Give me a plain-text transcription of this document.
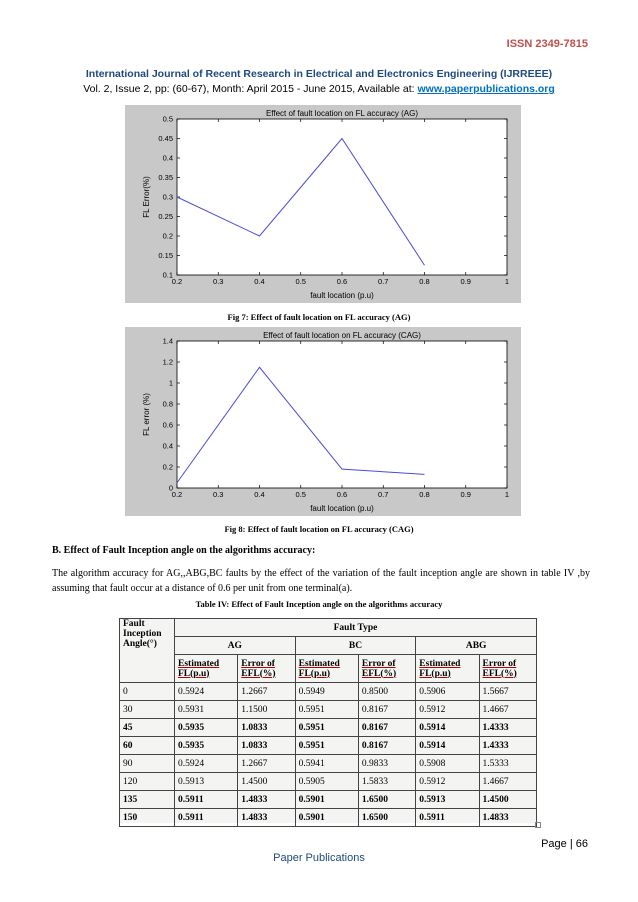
ISSN 2349-7815
International Journal of Recent Research in Electrical and Electronics Engineering (IJRREEE)
Vol. 2, Issue 2, pp: (60-67), Month: April 2015 - June 2015, Available at: www.paperpublications.org
Effect of fault location on FL accuracy (AG)
0.2	0.3	0.4	0.5	0.6	0.7	0.8	0.9	1
0.1
0.15
0.2
0.25
0.3
0.35
0.4
0.45
0.5
fault location (p.u)
FL Error(%)
Fig 7: Effect of fault location on FL accuracy (AG)
Effect of fault location on FL accuracy (CAG)
0.2	0.3	0.4	0.5	0.6	0.7	0.8	0.9	1
0
0.2
0.4
0.6
0.8
1
1.2
1.4
fault location (p.u)
FL error (%)
Fig 8: Effect of fault location on FL accuracy (CAG)
B. Effect of Fault Inception angle on the algorithms accuracy:
The algorithm accuracy for AG,,ABG,BC faults by the effect of the variation of the fault inception angle are shown in table IV ,by assuming that fault occur at a distance of 0.6 per unit from one terminal(a).
Table IV: Effect of Fault Inception angle on the algorithms accuracy
Fault Inception Angle(°)	Fault Type					
	AG		BC		ABG	
	Estimated FL(p.u)	Error of EFL(%)	Estimated FL(p.u)	Error of EFL(%)	Estimated FL(p.u)	Error of EFL(%)
0	0.5924	1.2667	0.5949	0.8500	0.5906	1.5667
30	0.5931	1.1500	0.5951	0.8167	0.5912	1.4667
45	0.5935	1.0833	0.5951	0.8167	0.5914	1.4333
60	0.5935	1.0833	0.5951	0.8167	0.5914	1.4333
90	0.5924	1.2667	0.5941	0.9833	0.5908	1.5333
120	0.5913	1.4500	0.5905	1.5833	0.5912	1.4667
135	0.5911	1.4833	0.5901	1.6500	0.5913	1.4500
150	0.5911	1.4833	0.5901	1.6500	0.5911	1.4833
Page | 66
Paper Publications
